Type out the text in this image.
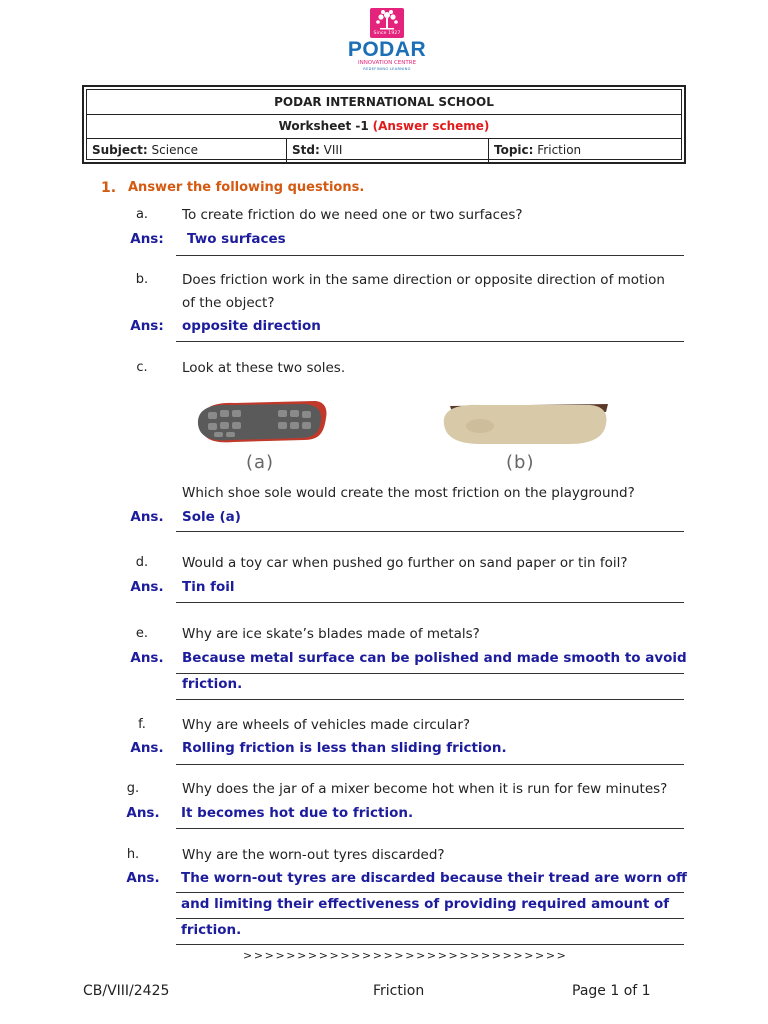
Since 1927
PODAR
INNOVATION CENTRE
REDEFINING LEARNING
PODAR INTERNATIONAL SCHOOL
Worksheet -1 (Answer scheme)
Subject: Science	Std: VIII	Topic: Friction
1. Answer the following questions.
a.	To create friction do we need one or two surfaces?
Ans: Two surfaces
b.	Does friction work in the same direction or opposite direction of motion
of the object?
Ans: opposite direction
c.	Look at these two soles.
(a)	(b)
Which shoe sole would create the most friction on the playground?
Ans. Sole (a)
d.	Would a toy car when pushed go further on sand paper or tin foil?
Ans. Tin foil
e.	Why are ice skate’s blades made of metals?
Ans. Because metal surface can be polished and made smooth to avoid
friction.
f.	Why are wheels of vehicles made circular?
Ans. Rolling friction is less than sliding friction.
g.	Why does the jar of a mixer become hot when it is run for few minutes?
Ans. It becomes hot due to friction.
h.	Why are the worn-out tyres discarded?
Ans. The worn-out tyres are discarded because their tread are worn off
and limiting their effectiveness of providing required amount of
friction.
>>>>>>>>>>>>>>>>>>>>>>>>>>>>>>
CB/VIII/2425	Friction	Page 1 of 1
